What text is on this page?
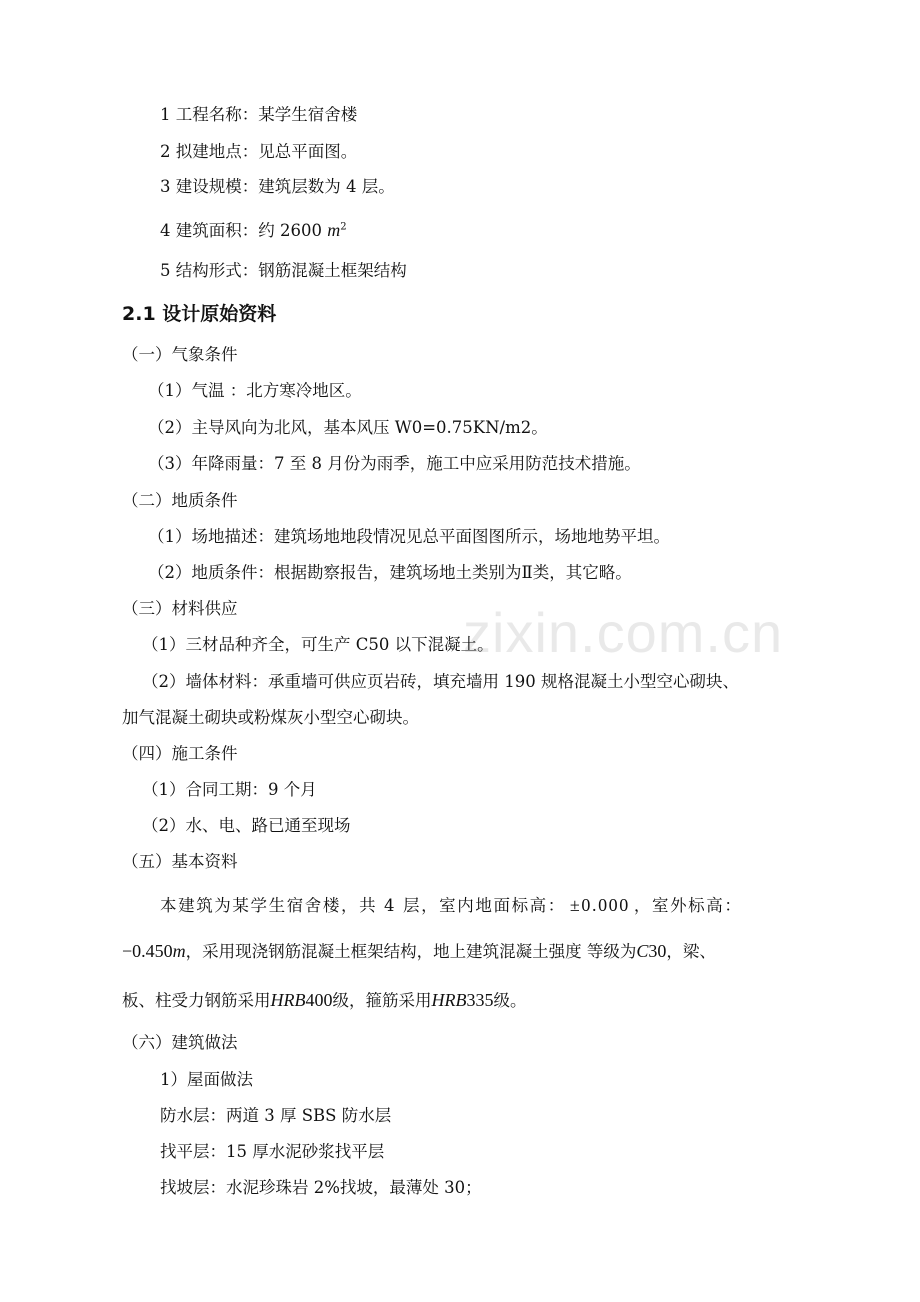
zixin.com.cn
1 工程名称：某学生宿舍楼
2 拟建地点：见总平面图。
3 建设规模：建筑层数为 4 层。
4 建筑面积：约 2600 $m^2$
5 结构形式：钢筋混凝土框架结构
2.1 设计原始资料
（一）气象条件
（1）气温 ：北方寒冷地区。
（2）主导风向为北风，基本风压 W0=0.75KN/m2。
（3）年降雨量：7 至 8 月份为雨季，施工中应采用防范技术措施。
（二）地质条件
（1）场地描述：建筑场地地段情况见总平面图图所示，场地地势平坦。
（2）地质条件：根据勘察报告，建筑场地土类别为Ⅱ类，其它略。
（三）材料供应
（1）三材品种齐全，可生产 C50 以下混凝土。
（2）墙体材料：承重墙可供应页岩砖，填充墙用 190 规格混凝土小型空心砌块、
加气混凝土砌块或粉煤灰小型空心砌块。
（四）施工条件
（1）合同工期：9 个月
（2）水、电、路已通至现场
（五）基本资料
本建筑为某学生宿舍楼，共 4 层，室内地面标高： ±0.000 ，室外标高：
−0.450m，采用现浇钢筋混凝土框架结构，地上建筑混凝土强度 等级为C30，梁、
板、柱受力钢筋采用HRB400级，箍筋采用HRB335级。
（六）建筑做法
1）屋面做法
防水层：两道 3 厚 SBS 防水层
找平层：15 厚水泥砂浆找平层
找坡层：水泥珍珠岩 2%找坡，最薄处 30；
